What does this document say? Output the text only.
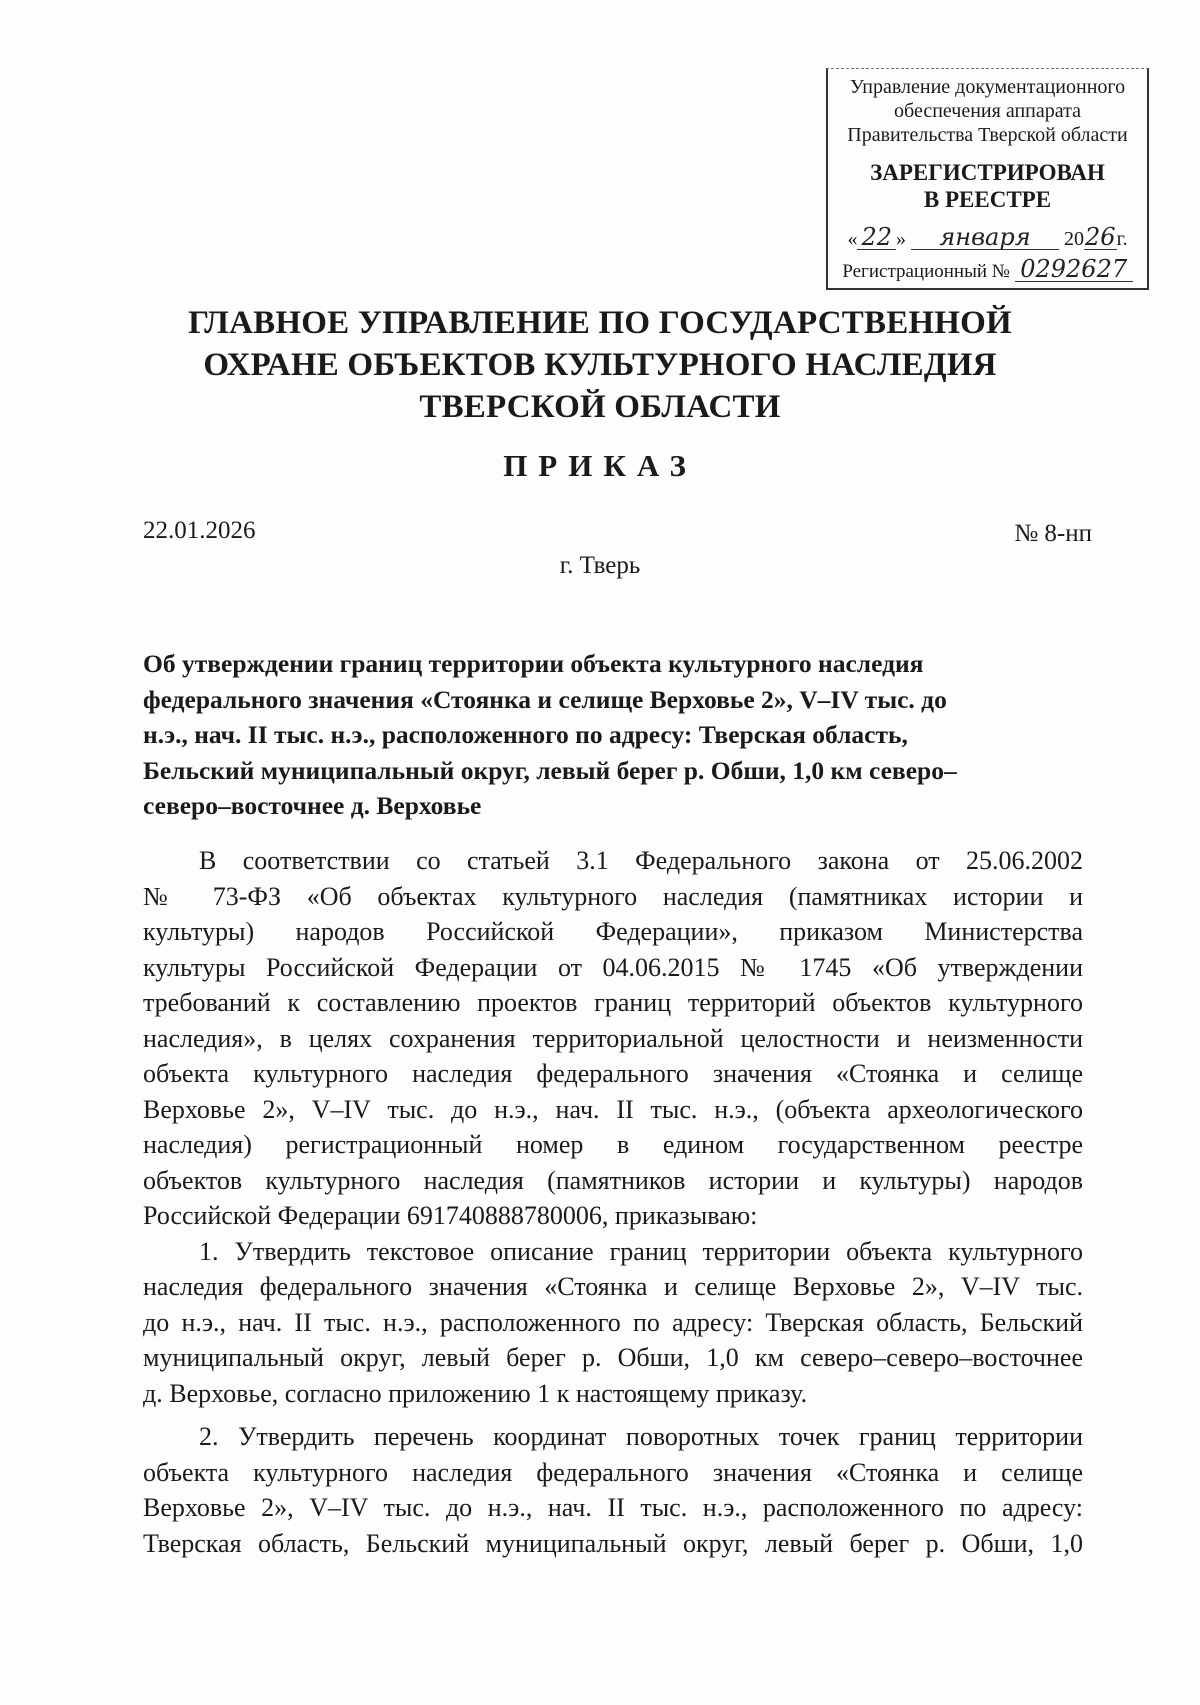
Управление документационного
обеспечения аппарата
Правительства Тверской области
ЗАРЕГИСТРИРОВАН
В РЕЕСТРЕ
« 22 » января 2026г.
Регистрационный № 0292627
ГЛАВНОЕ УПРАВЛЕНИЕ ПО ГОСУДАРСТВЕННОЙ
ОХРАНЕ ОБЪЕКТОВ КУЛЬТУРНОГО НАСЛЕДИЯ
ТВЕРСКОЙ ОБЛАСТИ
ПРИКАЗ
22.01.2026	№ 8-нп
г. Тверь
Об утверждении границ территории объекта культурного наследия
федерального значения «Стоянка и селище Верховье 2», V–IV тыс. до
н.э., нач. II тыс. н.э., расположенного по адресу: Тверская область,
Бельский муниципальный округ, левый берег р. Обши, 1,0 км северо–
северо–восточнее д. Верховье
В соответствии со статьей 3.1 Федерального закона от 25.06.2002
№ 73-ФЗ «Об объектах культурного наследия (памятниках истории и
культуры) народов Российской Федерации», приказом Министерства
культуры Российской Федерации от 04.06.2015 № 1745 «Об утверждении
требований к составлению проектов границ территорий объектов культурного
наследия», в целях сохранения территориальной целостности и неизменности
объекта культурного наследия федерального значения «Стоянка и селище
Верховье 2», V–IV тыс. до н.э., нач. II тыс. н.э., (объекта археологического
наследия) регистрационный номер в едином государственном реестре
объектов культурного наследия (памятников истории и культуры) народов
Российской Федерации 691740888780006, приказываю:
1. Утвердить текстовое описание границ территории объекта культурного
наследия федерального значения «Стоянка и селище Верховье 2», V–IV тыс.
до н.э., нач. II тыс. н.э., расположенного по адресу: Тверская область, Бельский
муниципальный округ, левый берег р. Обши, 1,0 км северо–северо–восточнее
д. Верховье, согласно приложению 1 к настоящему приказу.
2. Утвердить перечень координат поворотных точек границ территории
объекта культурного наследия федерального значения «Стоянка и селище
Верховье 2», V–IV тыс. до н.э., нач. II тыс. н.э., расположенного по адресу:
Тверская область, Бельский муниципальный округ, левый берег р. Обши, 1,0
